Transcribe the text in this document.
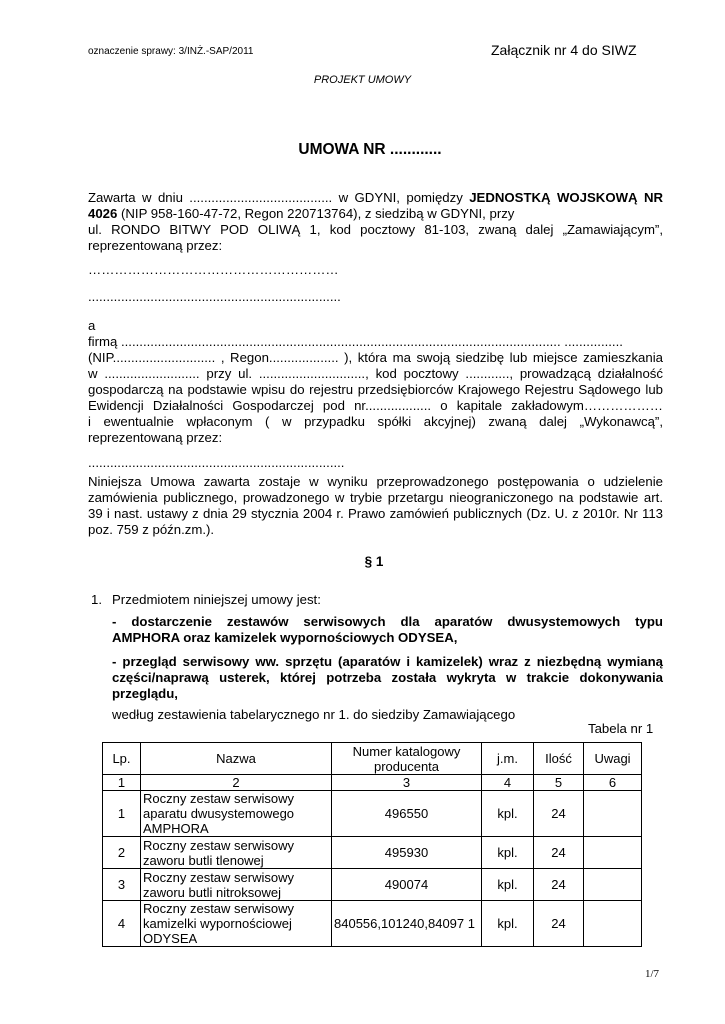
oznaczenie sprawy: 3/INŻ.-SAP/2011	Załącznik nr 4 do SIWZ
PROJEKT UMOWY
UMOWA NR ............
Zawarta w dniu ....................................... w GDYNI, pomiędzy JEDNOSTKĄ WOJSKOWĄ NR
4026 (NIP 958-160-47-72, Regon 220713764), z siedzibą w GDYNI, przy
ul. RONDO BITWY POD OLIWĄ 1, kod pocztowy 81-103, zwaną dalej „Zamawiającym”,
reprezentowaną przez:
…………………………………………………
.....................................................................
a
firmą ........................................................................................................................ ................
(NIP............................ , Regon................... ), która ma swoją siedzibę lub miejsce zamieszkania
w .......................... przy ul. ............................., kod pocztowy ............, prowadzącą działalność
gospodarczą na podstawie wpisu do rejestru przedsiębiorców Krajowego Rejestru Sądowego lub
Ewidencji Działalności Gospodarczej pod nr.................. o kapitale zakładowym………………
i ewentualnie wpłaconym ( w przypadku spółki akcyjnej) zwaną dalej „Wykonawcą”,
reprezentowaną przez:
......................................................................
Niniejsza Umowa zawarta zostaje w wyniku przeprowadzonego postępowania o udzielenie
zamówienia publicznego, prowadzonego w trybie przetargu nieograniczonego na podstawie art.
39 i nast. ustawy z dnia 29 stycznia 2004 r. Prawo zamówień publicznych (Dz. U. z 2010r. Nr 113
poz. 759 z późn.zm.).
§ 1
1. Przedmiotem niniejszej umowy jest:
- dostarczenie zestawów serwisowych dla aparatów dwusystemowych typu
AMPHORA oraz kamizelek wypornościowych ODYSEA,
- przegląd serwisowy ww. sprzętu (aparatów i kamizelek) wraz z niezbędną wymianą
części/naprawą usterek, której potrzeba została wykryta w trakcie dokonywania
przeglądu,
według zestawienia tabelarycznego nr 1. do siedziby Zamawiającego
Tabela nr 1
Lp.	Nazwa	Numer katalogowy producenta	j.m.	Ilość	Uwagi
1	2	3	4	5	6
1	Roczny zestaw serwisowy aparatu dwusystemowego AMPHORA	496550	kpl.	24	
2	Roczny zestaw serwisowy zaworu butli tlenowej	495930	kpl.	24	
3	Roczny zestaw serwisowy zaworu butli nitroksowej	490074	kpl.	24	
4	Roczny zestaw serwisowy kamizelki wypornościowej ODYSEA	840556,101240,84097 1	kpl.	24	
1/7
